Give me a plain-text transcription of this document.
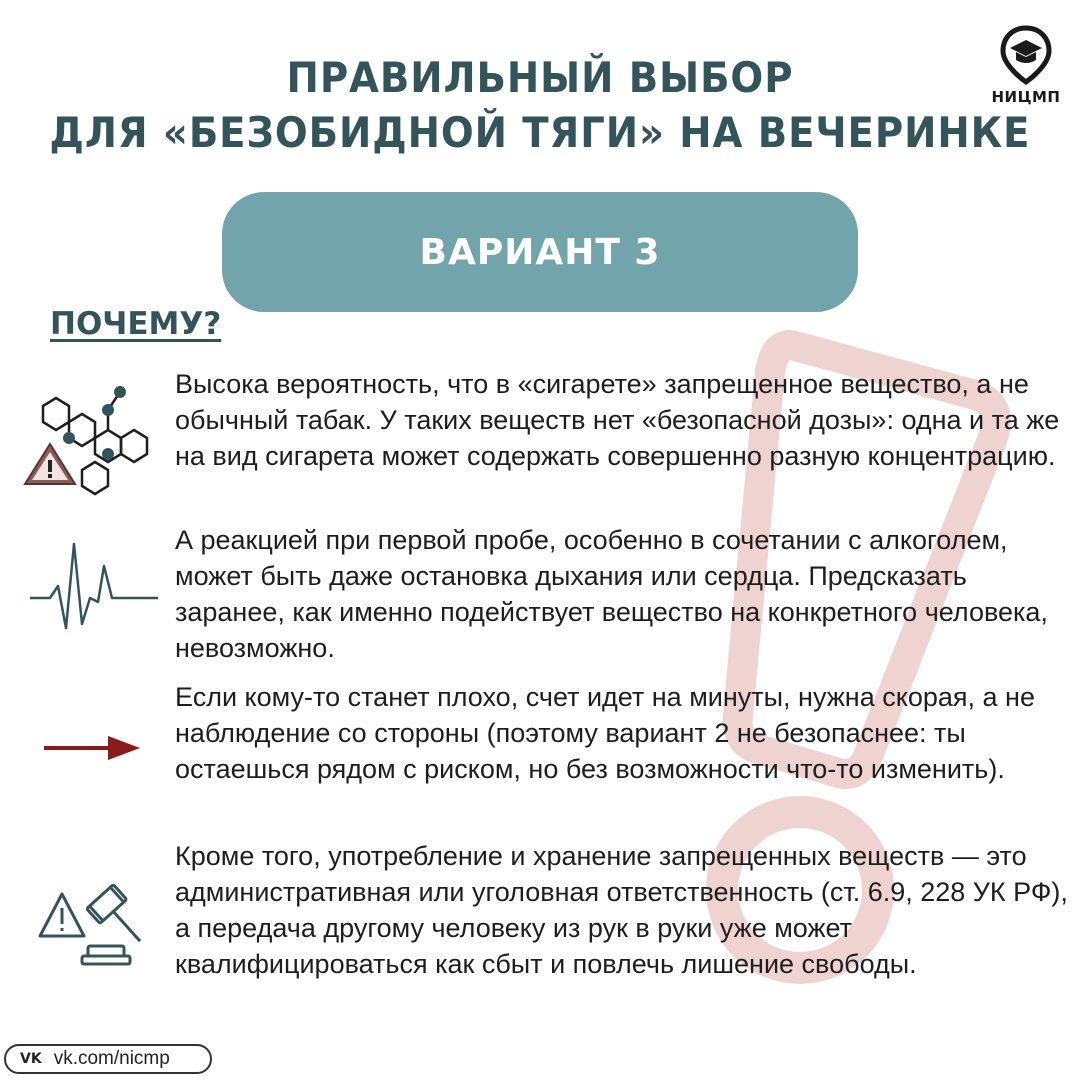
НИЦМП
ПРАВИЛЬНЫЙ ВЫБОР
ДЛЯ «БЕЗОБИДНОЙ ТЯГИ» НА ВЕЧЕРИНКЕ
ВАРИАНТ 3
ПОЧЕМУ?
Высока вероятность, что в «сигарете» запрещенное вещество, а не обычный табак. У таких веществ нет «безопасной дозы»: одна и та же на вид сигарета может содержать совершенно разную концентрацию.
А реакцией при первой пробе, особенно в сочетании с алкоголем, может быть даже остановка дыхания или сердца. Предсказать заранее, как именно подействует вещество на конкретного человека, невозможно.
Если кому-то станет плохо, счет идет на минуты, нужна скорая, а не наблюдение со стороны (поэтому вариант 2 не безопаснее: ты остаешься рядом с риском, но без возможности что-то изменить).
Кроме того, употребление и хранение запрещенных веществ — это административная или уголовная ответственность (ст. 6.9, 228 УК РФ), а передача другому человеку из рук в руки уже может квалифицироваться как сбыт и повлечь лишение свободы.
VK vk.com/nicmp
